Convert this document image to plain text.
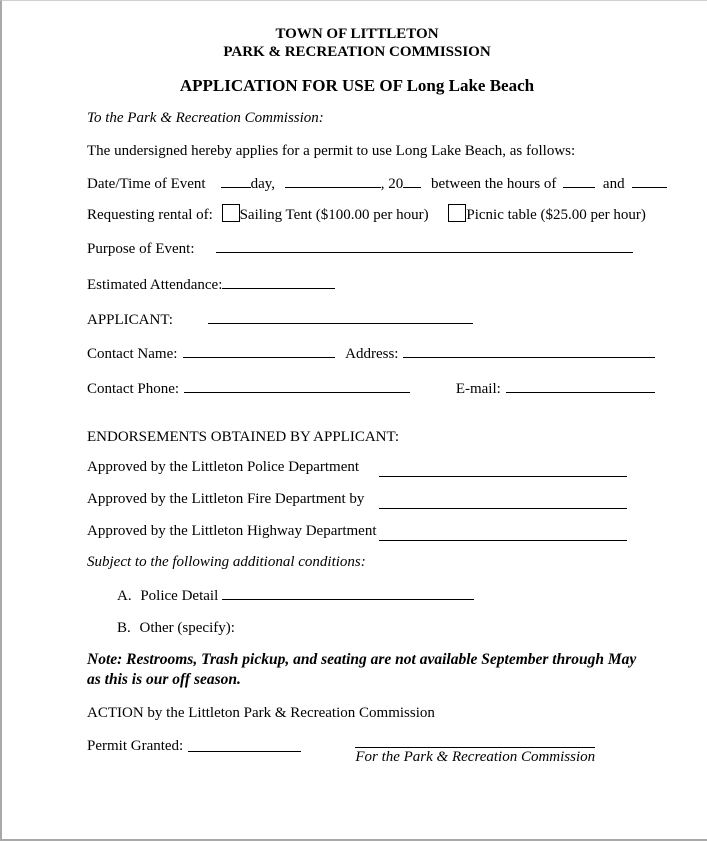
TOWN OF LITTLETON
PARK & RECREATION COMMISSION
APPLICATION FOR USE OF Long Lake Beach
To the Park & Recreation Commission:
The undersigned hereby applies for a permit to use Long Lake Beach, as follows:
Date/Time of Event	day,	, 20 between the hours of	and
Requesting rental of: Sailing Tent ($100.00 per hour)	Picnic table ($25.00 per hour)
Purpose of Event:
Estimated Attendance:
APPLICANT:
Contact Name:	Address:
Contact Phone:	E-mail:
ENDORSEMENTS OBTAINED BY APPLICANT:
Approved by the Littleton Police Department
Approved by the Littleton Fire Department by
Approved by the Littleton Highway Department
Subject to the following additional conditions:
A. Police Detail
B. Other (specify):
Note: Restrooms, Trash pickup, and seating are not available September through May as this is our off season.
ACTION by the Littleton Park & Recreation Commission
Permit Granted:
For the Park & Recreation Commission
